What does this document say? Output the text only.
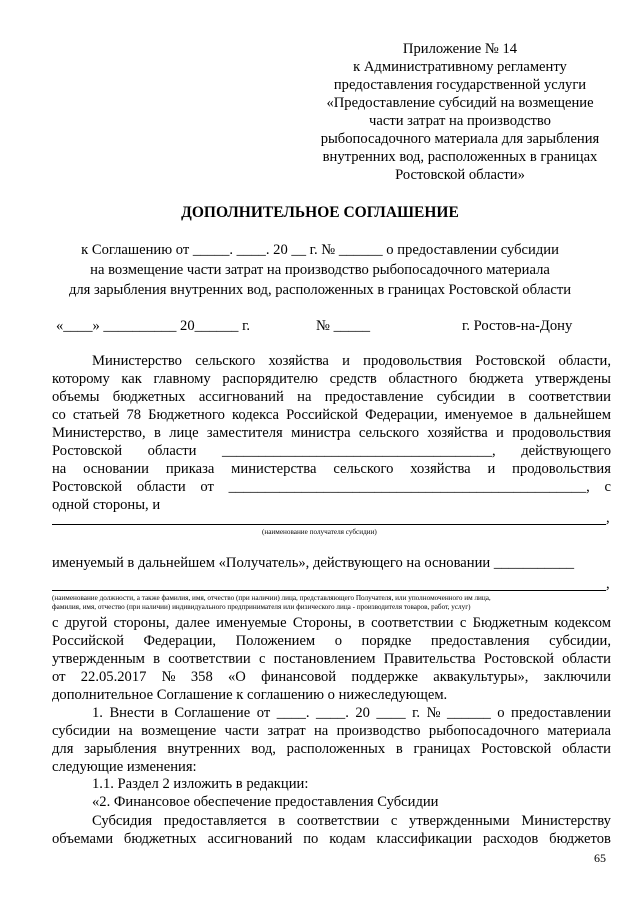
Приложение № 14
к Административному регламенту
предоставления государственной услуги
«Предоставление субсидий на возмещение
части затрат на производство
рыбопосадочного материала для зарыбления
внутренних вод, расположенных в границах
Ростовской области»
ДОПОЛНИТЕЛЬНОЕ СОГЛАШЕНИЕ
к Соглашению от _____. ____. 20 __ г. № ______ о предоставлении субсидии
на возмещение части затрат на производство рыбопосадочного материала
для зарыбления внутренних вод, расположенных в границах Ростовской области
«____» __________ 20______ г.	№ _____	г. Ростов-на-Дону
Министерство сельского хозяйства и продовольствия Ростовской области,
которому как главному распорядителю средств областного бюджета утверждены
объемы бюджетных ассигнований на предоставление субсидии в соответствии
со статьей 78 Бюджетного кодекса Российской Федерации, именуемое в дальнейшем
Министерство, в лице заместителя министра сельского хозяйства и продовольствия
Ростовской области _____________________________________, действующего
на основании приказа министерства сельского хозяйства и продовольствия
Ростовской области от _________________________________________________, с
одной стороны, и
,
(наименование получателя субсидии)
именуемый в дальнейшем «Получатель», действующего на основании ___________
,
(наименование должности, а также фамилия, имя, отчество (при наличии) лица, представляющего Получателя, или уполномоченного им лица,
фамилия, имя, отчество (при наличии) индивидуального предпринимателя или физического лица - производителя товаров, работ, услуг)
с другой стороны, далее именуемые Стороны, в соответствии с Бюджетным кодексом
Российской Федерации, Положением о порядке предоставления субсидии,
утвержденным в соответствии с постановлением Правительства Ростовской области
от 22.05.2017 № 358 «О финансовой поддержке аквакультуры», заключили
дополнительное Соглашение к соглашению о нижеследующем.
1. Внести в Соглашение от ____. ____. 20 ____ г. № ______ о предоставлении
субсидии на возмещение части затрат на производство рыбопосадочного материала
для зарыбления внутренних вод, расположенных в границах Ростовской области
следующие изменения:
1.1. Раздел 2 изложить в редакции:
«2. Финансовое обеспечение предоставления Субсидии
Субсидия предоставляется в соответствии с утвержденными Министерству
объемами бюджетных ассигнований по кодам классификации расходов бюджетов
65
